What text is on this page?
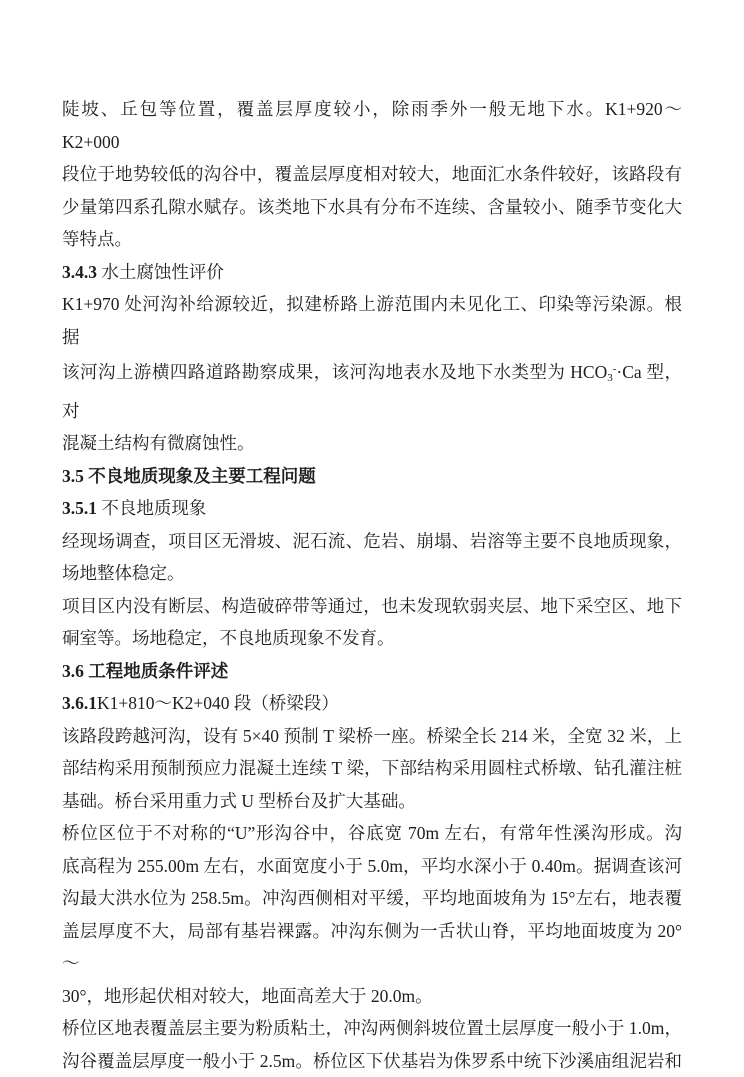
陡坡、丘包等位置，覆盖层厚度较小，除雨季外一般无地下水。K1+920～K2+000
段位于地势较低的沟谷中，覆盖层厚度相对较大，地面汇水条件较好，该路段有
少量第四系孔隙水赋存。该类地下水具有分布不连续、含量较小、随季节变化大
等特点。
3.4.3 水土腐蚀性评价
K1+970 处河沟补给源较近，拟建桥路上游范围内未见化工、印染等污染源。根据
该河沟上游横四路道路勘察成果，该河沟地表水及地下水类型为 HCO3-·Ca 型，对
混凝土结构有微腐蚀性。
3.5 不良地质现象及主要工程问题
3.5.1 不良地质现象
经现场调查，项目区无滑坡、泥石流、危岩、崩塌、岩溶等主要不良地质现象，
场地整体稳定。
项目区内没有断层、构造破碎带等通过，也未发现软弱夹层、地下采空区、地下
硐室等。场地稳定，不良地质现象不发育。
3.6 工程地质条件评述
3.6.1K1+810～K2+040 段（桥梁段）
该路段跨越河沟，设有 5×40 预制 T 梁桥一座。桥梁全长 214 米，全宽 32 米，上
部结构采用预制预应力混凝土连续 T 梁，下部结构采用圆柱式桥墩、钻孔灌注桩
基础。桥台采用重力式 U 型桥台及扩大基础。
桥位区位于不对称的“U”形沟谷中，谷底宽 70m 左右，有常年性溪沟形成。沟
底高程为 255.00m 左右，水面宽度小于 5.0m，平均水深小于 0.40m。据调查该河
沟最大洪水位为 258.5m。冲沟西侧相对平缓，平均地面坡角为 15°左右，地表覆
盖层厚度不大，局部有基岩裸露。冲沟东侧为一舌状山脊，平均地面坡度为 20°～
30°，地形起伏相对较大，地面高差大于 20.0m。
桥位区地表覆盖层主要为粉质粘土，冲沟两侧斜坡位置土层厚度一般小于 1.0m，
沟谷覆盖层厚度一般小于 2.5m。桥位区下伏基岩为侏罗系中统下沙溪庙组泥岩和
